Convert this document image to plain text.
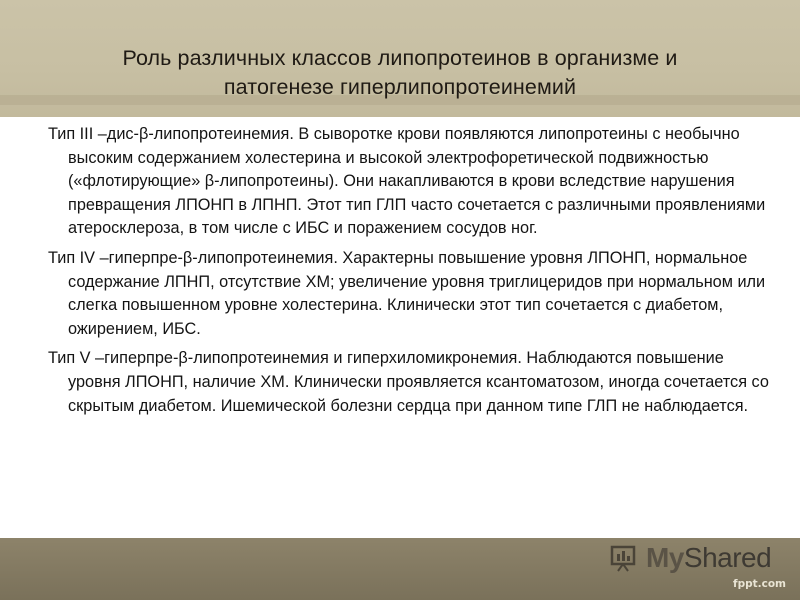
Роль различных классов липопротеинов в организме и
патогенезе гиперлипопротеинемий

Тип III –дис-β-липопротеинемия. В сыворотке крови появляются липопротеины с необычно высоким содержанием холестерина и высокой электрофоретической подвижностью («флотирующие» β-липопротеины). Они накапливаются в крови вследствие нарушения превращения ЛПОНП в ЛПНП. Этот тип ГЛП часто сочетается с различными проявлениями атеросклероза, в том числе с ИБС и поражением сосудов ног.

Тип IV –гиперпре-β-липопротеинемия. Характерны повышение уровня ЛПОНП, нормальное содержание ЛПНП, отсутствие ХМ; увеличение уровня триглицеридов при нормальном или слегка повышенном уровне холестерина. Клинически этот тип сочетается с диабетом, ожирением, ИБС.

Тип V –гиперпре-β-липопротеинемия и гиперхиломикронемия. Наблюдаются повышение уровня ЛПОНП, наличие ХМ. Клинически проявляется ксантоматозом, иногда сочетается со скрытым диабетом. Ишемической болезни сердца при данном типе ГЛП не наблюдается.

MyShared
fppt.com
